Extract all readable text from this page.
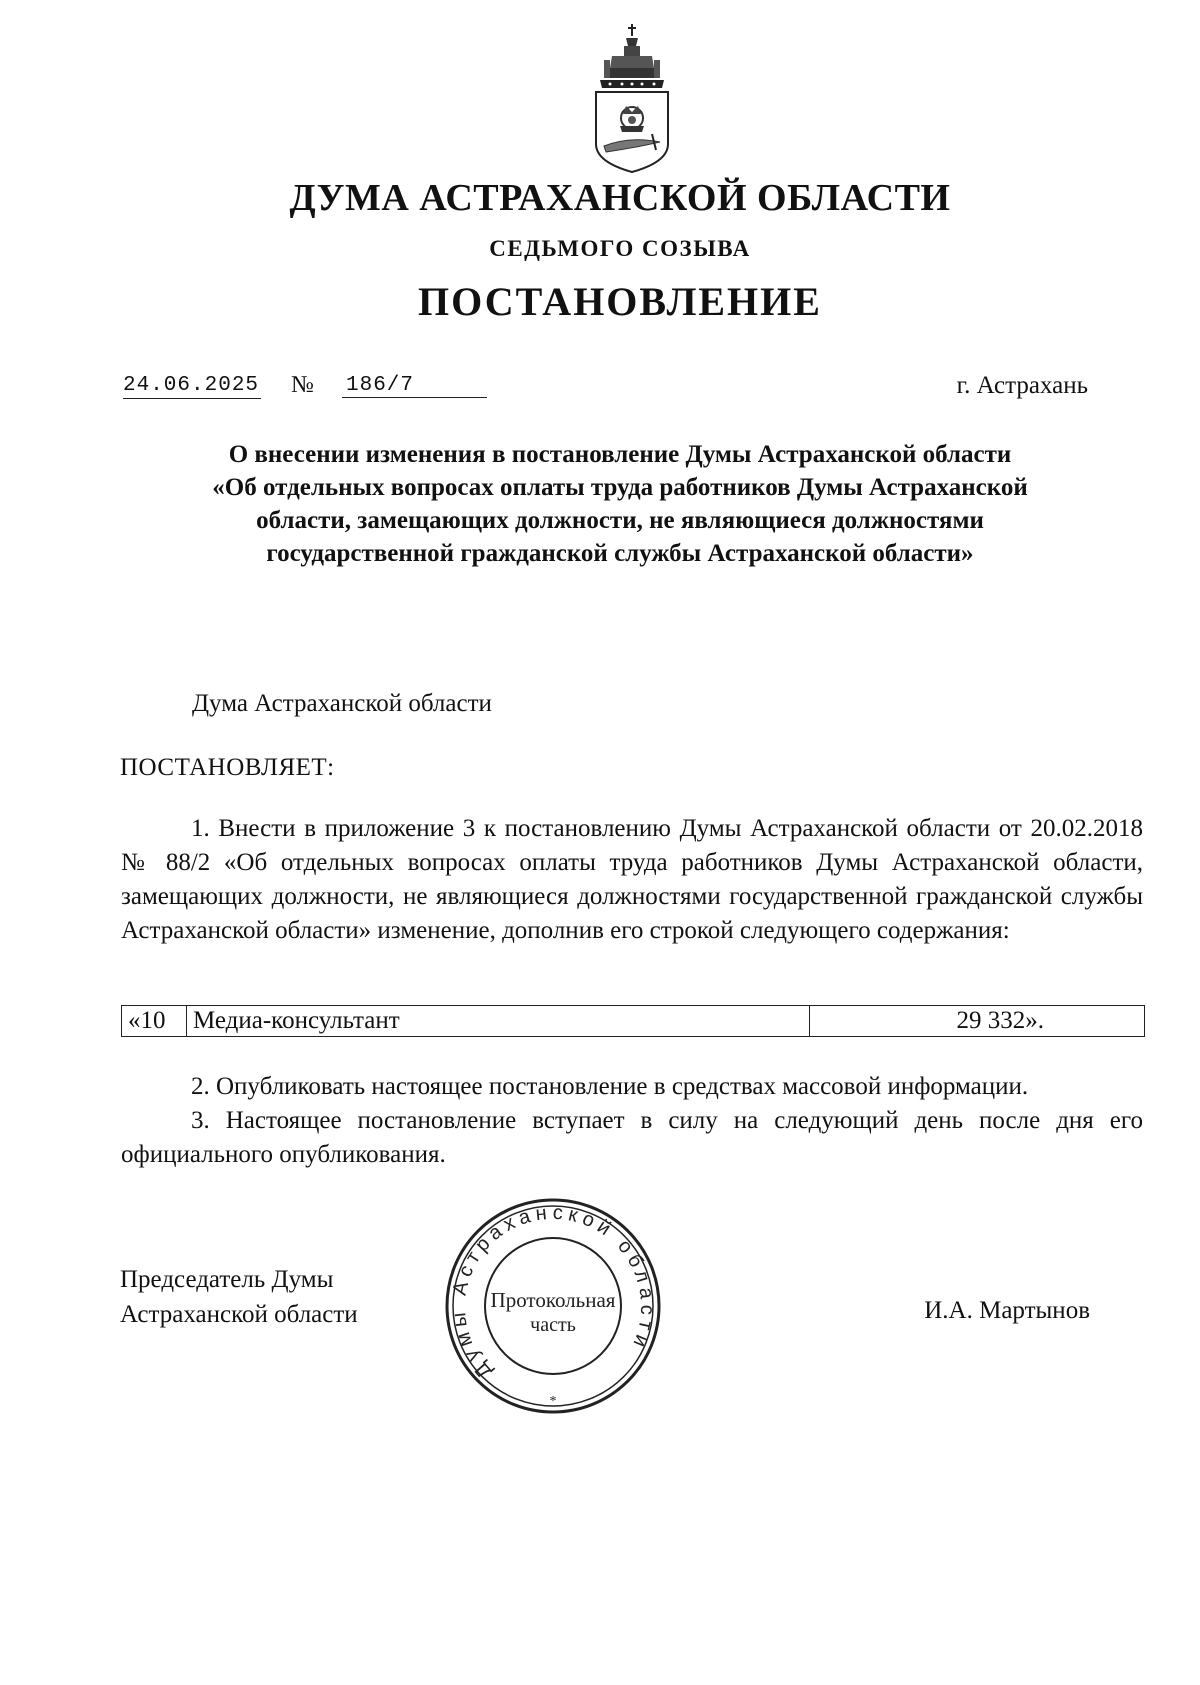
ДУМА АСТРАХАНСКОЙ ОБЛАСТИ
СЕДЬМОГО СОЗЫВА
ПОСТАНОВЛЕНИЕ
24.06.2025 № 186/7	г. Астрахань
О внесении изменения в постановление Думы Астраханской области «Об отдельных вопросах оплаты труда работников Думы Астраханской области, замещающих должности, не являющиеся должностями государственной гражданской службы Астраханской области»
Дума Астраханской области
ПОСТАНОВЛЯЕТ:
1. Внести в приложение 3 к постановлению Думы Астраханской области от 20.02.2018 № 88/2 «Об отдельных вопросах оплаты труда работников Думы Астраханской области, замещающих должности, не являющиеся должностями государственной гражданской службы Астраханской области» изменение, дополнив его строкой следующего содержания:
«10	Медиа-консультант	29 332».
2. Опубликовать настоящее постановление в средствах массовой информации.
3. Настоящее постановление вступает в силу на следующий день после дня его официального опубликования.
Председатель Думы
Астраханской области	И.А. Мартынов
Думы Астраханской области
Протокольная
часть
*
